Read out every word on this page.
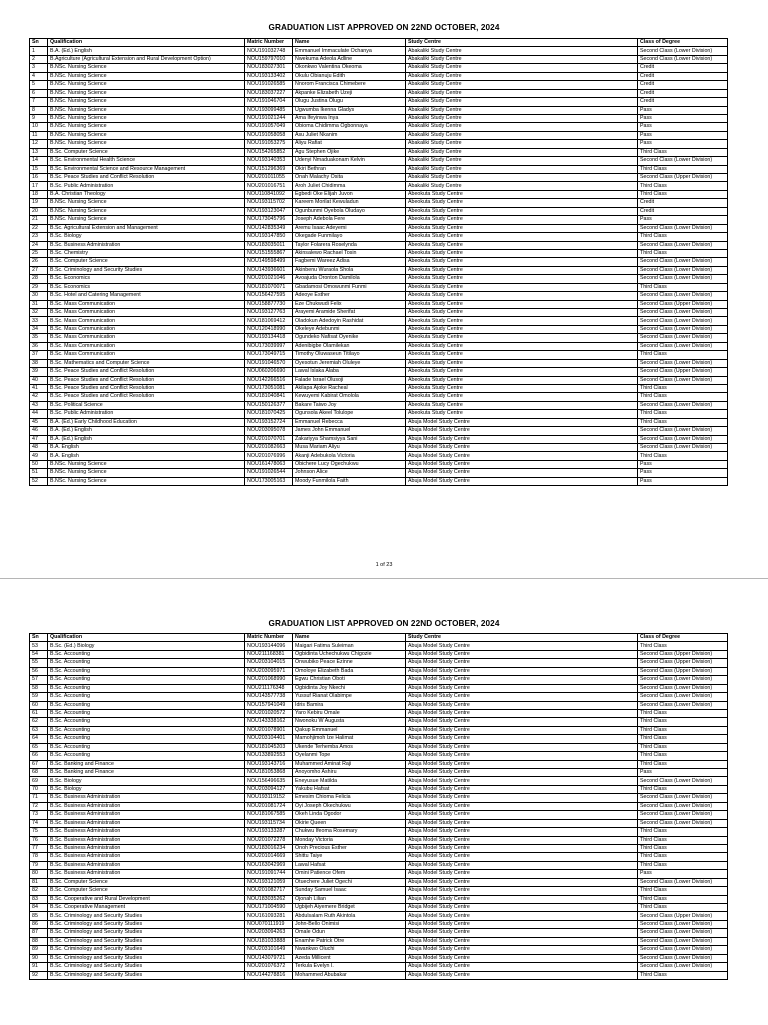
GRADUATION LIST APPROVED ON 22ND OCTOBER, 2024
Sn	Qualification	Matric Number	Name	Study Centre	Class of Degree
1	B.A. (Ed.) English	NOU191032748	Emmanuel Immaculate Ochanya	Abakaliki Study Centre	Second Class (Lower Division)
2	B.Agriculture (Agricultural Extension and Rural Development Option)	NOU159797010	Nwekuma Adeola Adline	Abakaliki Study Centre	Second Class (Lower Division)
3	B.NSc. Nursing Science	NOU183027301	Okonkwo Valentina Okeoma	Abakaliki Study Centre	Credit
4	B.NSc. Nursing Science	NOU193133402	Okulu Obianuju Edith	Abakaliki Study Centre	Credit
5	B.NSc. Nursing Science	NOU191026585	Nnorom Francisca Chimebere	Abakaliki Study Centre	Credit
6	B.NSc. Nursing Science	NOU183037227	Akpanke Elizabeth Uzeji	Abakaliki Study Centre	Credit
7	B.NSc. Nursing Science	NOU191046704	Olugu Justina Olugu	Abakaliki Study Centre	Credit
8	B.NSc. Nursing Science	NOU193099485	Ugwumba Ikenna Gladys	Abakaliki Study Centre	Pass
9	B.NSc. Nursing Science	NOU191021244	Ama Ifeyinwa Inya	Abakaliki Study Centre	Pass
10	B.NSc. Nursing Science	NOU191057049	Obioma Chidimma Ogbonnaya	Abakaliki Study Centre	Pass
11	B.NSc. Nursing Science	NOU191058058	Asu Juliet Nkanim	Abakaliki Study Centre	Pass
12	B.NSc. Nursing Science	NOU191053275	Aliyu Rafiat	Abakaliki Study Centre	Pass
13	B.Sc. Computer Science	NOU154265852	Agu Stephen Ojike	Abakaliki Study Centre	Third Class
14	B.Sc. Environmental Health Science	NOU193140353	Udenyi Nmaduakonam Kelvin	Abakaliki Study Centre	Second Class (Lower Division)
15	B.Sc. Environmental Science and Resource Management	NOU151296369	Okiri Bethran	Abakaliki Study Centre	Third Class
16	B.Sc. Peace Studies and Conflict Resolution	NOU201011055	Onah Malachy Osita	Abakaliki Study Centre	Second Class (Upper Division)
17	B.Sc. Public Administration	NOU201016751	Aroh Juliet Chidimma	Abakaliki Study Centre	Third Class
18	B.A. Christian Theology	NOU110841092	Egbedi Oke Elijah Juvon	Abeokuta Study Centre	Third Class
19	B.NSc. Nursing Science	NOU193115702	Kareem Morilat Kewuladun	Abeokuta Study Centre	Credit
20	B.NSc. Nursing Science	NOU193123047	Ogunbunmi Oyebola Oludayo	Abeokuta Study Centre	Credit
21	B.NSc. Nursing Science	NOU173045796	Joseph Adebola Fere	Abeokuta Study Centre	Pass
22	B.Sc. Agricultural Extension and Management	NOU142835349	Aremu Isaac Adeyemi	Abeokuta Study Centre	Second Class (Lower Division)
23	B.Sc. Biology	NOU193147850	Okegade Funmilayo	Abeokuta Study Centre	Third Class
24	B.Sc. Business Administration	NOU183035011	Taylor Folarera Roselynda	Abeokuta Study Centre	Second Class (Lower Division)
25	B.Sc. Chemistry	NOU151555867	Akinsalewo Rachael Tosin	Abeokuta Study Centre	Third Class
26	B.Sc. Computer Science	NOU149598499	Fagbemi Wareez Adisa	Abeokuta Study Centre	Second Class (Lower Division)
27	B.Sc. Criminology and Security Studies	NOU143936601	Akinbenu Wuraola Shola	Abeokuta Study Centre	Second Class (Lower Division)
28	B.Sc. Economics	NOU201021046	Avoajuda Oronton Damilola	Abeokuta Study Centre	Second Class (Lower Division)
29	B.Sc. Economics	NOU181070071	Gbadamosi Omowunmi Funmi	Abeokuta Study Centre	Third Class
30	B.Sc. Hotel and Catering Management	NOU156427595	Adeoye Esther	Abeokuta Study Centre	Second Class (Lower Division)
31	B.Sc. Mass Communication	NOU158877730	Eze Chukwudi Felix	Abeokuta Study Centre	Second Class (Upper Division)
32	B.Sc. Mass Communication	NOU193127763	Arayemi Aramide Sherifat	Abeokuta Study Centre	Second Class (Lower Division)
33	B.Sc. Mass Communication	NOU181069412	Oladokun Adedoyin Rashidat	Abeokuta Study Centre	Second Class (Lower Division)
34	B.Sc. Mass Communication	NOU120418990	Okeleye Adebunmi	Abeokuta Study Centre	Second Class (Lower Division)
35	B.Sc. Mass Communication	NOU193134418	Ogundeko Nafisat Oyenike	Abeokuta Study Centre	Second Class (Lower Division)
36	B.Sc. Mass Communication	NOU173039997	Adenibigbe Olamilekan	Abeokuta Study Centre	Second Class (Lower Division)
37	B.Sc. Mass Communication	NOU173049715	Timothy Oluwaseun Titilayo	Abeokuta Study Centre	Third Class
38	B.Sc. Mathematics and Computer Science	NOU191046570	Oyesotun Jeremiah Oluleye	Abeokuta Study Centre	Second Class (Lower Division)
39	B.Sc. Peace Studies and Conflict Resolution	NOU060206690	Lawal Islaka Alaba	Abeokuta Study Centre	Second Class (Upper Division)
40	B.Sc. Peace Studies and Conflict Resolution	NOU142266516	Falade Israel Olusoji	Abeokuta Study Centre	Second Class (Lower Division)
41	B.Sc. Peace Studies and Conflict Resolution	NOU173051081	Akilapa Ajoke Racheal	Abeokuta Study Centre	Third Class
42	B.Sc. Peace Studies and Conflict Resolution	NOU181040841	Kewuyemi Kabirat Omolola	Abeokuta Study Centre	Third Class
43	B.Sc. Political Science	NOU150126377	Bakare Taiwo Joy	Abeokuta Study Centre	Second Class (Lower Division)
44	B.Sc. Public Administration	NOU181070425	Ogunsola Akeel Tolulope	Abeokuta Study Centre	Third Class
45	B.A. (Ed.) Early Childhood Education	NOU193152724	Emmanuel Rebecca	Abuja Model Study Centre	Third Class
46	B.A. (Ed.) English	NOU203095078	James John Emmanuel	Abuja Model Study Centre	Second Class (Lower Division)
47	B.A. (Ed.) English	NOU201070701	Zakariyya Shamsiyya Sani	Abuja Model Study Centre	Second Class (Lower Division)
48	B.A. English	NOU201082663	Musa Mariam Aliyu	Abuja Model Study Centre	Second Class (Lower Division)
49	B.A. English	NOU201076996	Akanji Adebukola Victoria	Abuja Model Study Centre	Third Class
50	B.NSc. Nursing Science	NOU161478063	Obichere Lucy Ogechukwu	Abuja Model Study Centre	Pass
51	B.NSc. Nursing Science	NOU191026544	Johnson Alice	Abuja Model Study Centre	Pass
52	B.NSc. Nursing Science	NOU173005163	Moody Funmilola Faith	Abuja Model Study Centre	Pass
1 of 23
GRADUATION LIST APPROVED ON 22ND OCTOBER, 2024
Sn	Qualification	Matric Number	Name	Study Centre	Class of Degree
53	B.Sc. (Ed.) Biology	NOU193144096	Maigari Fatima Suleiman	Abuja Model Study Centre	Third Class
54	B.Sc. Accounting	NOU211168381	Ogbidinta Uchechukwu Chigozie	Abuja Model Study Centre	Second Class (Upper Division)
55	B.Sc. Accounting	NOU203104015	Onwubiko Peace Ezinne	Abuja Model Study Centre	Second Class (Upper Division)
56	B.Sc. Accounting	NOU203095971	Omoloye Elizabeth Bada	Abuja Model Study Centre	Second Class (Upper Division)
57	B.Sc. Accounting	NOU201068990	Egwu Christian Oboti	Abuja Model Study Centre	Second Class (Lower Division)
58	B.Sc. Accounting	NOU211176348	Ogbidinta Joy Nkechi	Abuja Model Study Centre	Second Class (Lower Division)
59	B.Sc. Accounting	NOU143577738	Yussuf Rianat Olabimpe	Abuja Model Study Centre	Second Class (Lower Division)
60	B.Sc. Accounting	NOU157941049	Idris Bamira	Abuja Model Study Centre	Second Class (Lower Division)
61	B.Sc. Accounting	NOU201020572	Yaro Kebiru Omale	Abuja Model Study Centre	Third Class
62	B.Sc. Accounting	NOU143338162	Nwonoku W Augusta	Abuja Model Study Centre	Third Class
63	B.Sc. Accounting	NOU201078901	Qakup Emmanuel	Abuja Model Study Centre	Third Class
64	B.Sc. Accounting	NOU203104401	Mamohjimoh Ize Halimat	Abuja Model Study Centre	Third Class
65	B.Sc. Accounting	NOU181045203	Ukende Terhemba Amos	Abuja Model Study Centre	Third Class
66	B.Sc. Accounting	NOU133892553	Oyelanmi Tope	Abuja Model Study Centre	Third Class
67	B.Sc. Banking and Finance	NOU193143716	Muhammed Aminat Raji	Abuja Model Study Centre	Third Class
68	B.Sc. Banking and Finance	NOU181053868	Anoyomho Ashiru	Abuja Model Study Centre	Pass
69	B.Sc. Biology	NOU156496635	Eneyusue Matilda	Abuja Model Study Centre	Second Class (Lower Division)
70	B.Sc. Biology	NOU203094127	Yakubu Hafsat	Abuja Model Study Centre	Third Class
71	B.Sc. Business Administration	NOU193119152	Emesim Chioma Felicia	Abuja Model Study Centre	Second Class (Lower Division)
72	B.Sc. Business Administration	NOU201081724	Oyi Joseph Okechukwu	Abuja Model Study Centre	Second Class (Lower Division)
73	B.Sc. Business Administration	NOU181067585	Okeh Linda Ogodor	Abuja Model Study Centre	Second Class (Lower Division)
74	B.Sc. Business Administration	NOU193115734	Okirie Queen	Abuja Model Study Centre	Second Class (Lower Division)
75	B.Sc. Business Administration	NOU193133287	Chukwu Ifeoma Rosemary	Abuja Model Study Centre	Third Class
76	B.Sc. Business Administration	NOU201072278	Monday Victoria	Abuja Model Study Centre	Third Class
77	B.Sc. Business Administration	NOU183016234	Onoh Precious Esther	Abuja Model Study Centre	Third Class
78	B.Sc. Business Administration	NOU201014669	Shittu Taiye	Abuja Model Study Centre	Third Class
79	B.Sc. Business Administration	NOU163042969	Lawal Hafsat	Abuja Model Study Centre	Third Class
80	B.Sc. Business Administration	NOU191091744	Omini Patience Ofem	Abuja Model Study Centre	Pass
81	B.Sc. Computer Science	NOU193121059	Otuechere Juliet Ogechi	Abuja Model Study Centre	Second Class (Lower Division)
82	B.Sc. Computer Science	NOU201082717	Sunday Samuel Isaac	Abuja Model Study Centre	Third Class
83	B.Sc. Cooperative and Rural Development	NOU183035262	Ojonah Lilian	Abuja Model Study Centre	Third Class
84	B.Sc. Cooperative Management	NOU171004590	Ugbijeh Aiyemere Bridget	Abuja Model Study Centre	Third Class
85	B.Sc. Criminology and Security Studies	NOU161093281	Abdulsalam Ruth Akintola	Abuja Model Study Centre	Second Class (Upper Division)
86	B.Sc. Criminology and Security Studies	NOU070111919	John-Bello Onimisi	Abuja Model Study Centre	Second Class (Lower Division)
87	B.Sc. Criminology and Security Studies	NOU203094263	Omale Odun	Abuja Model Study Centre	Second Class (Lower Division)
88	B.Sc. Criminology and Security Studies	NOU181033888	Enamhe Patrick Otre	Abuja Model Study Centre	Second Class (Lower Division)
89	B.Sc. Criminology and Security Studies	NOU203101649	Nwankwo Oluchi	Abuja Model Study Centre	Second Class (Lower Division)
90	B.Sc. Criminology and Security Studies	NOU143079721	Azeda Millicent	Abuja Model Study Centre	Second Class (Lower Division)
91	B.Sc. Criminology and Security Studies	NOU201076372	Terkula Evelyn I.	Abuja Model Study Centre	Second Class (Lower Division)
92	B.Sc. Criminology and Security Studies	NOU144278816	Mohammed Abubakar	Abuja Model Study Centre	Third Class
